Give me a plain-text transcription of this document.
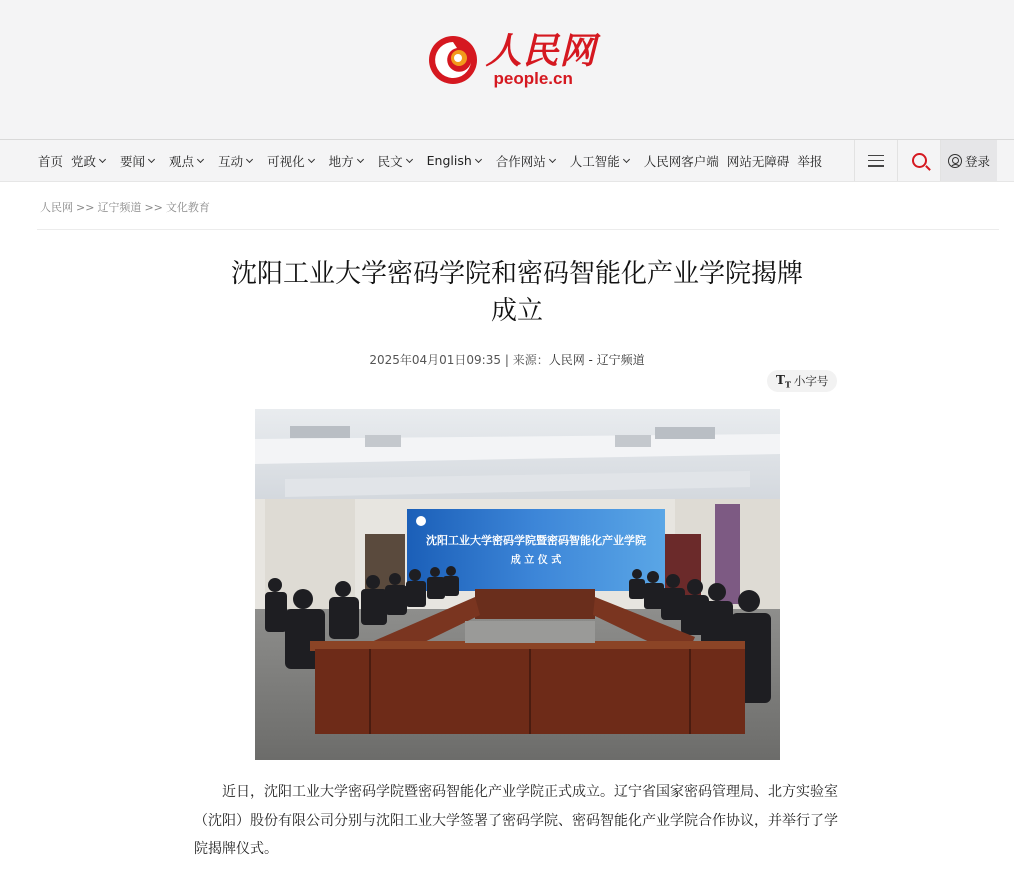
人民网
people.cn
首页 党政 要闻 观点 互动 可视化 地方 民文 English 合作网站 人工智能 人民网客户端 网站无障碍 举报	登录
人民网 >> 辽宁频道 >> 文化教育
沈阳工业大学密码学院和密码智能化产业学院揭牌
成立
2025年04月01日09:35 | 来源：人民网 - 辽宁频道
$T_T$ 小字号
沈阳工业大学密码学院暨密码智能化产业学院
成 立 仪 式

近日，沈阳工业大学密码学院暨密码智能化产业学院正式成立。辽宁省国家密码管理局、北方实验室（沈阳）股份有限公司分别与沈阳工业大学签署了密码学院、密码智能化产业学院合作协议，并举行了学院揭牌仪式。
